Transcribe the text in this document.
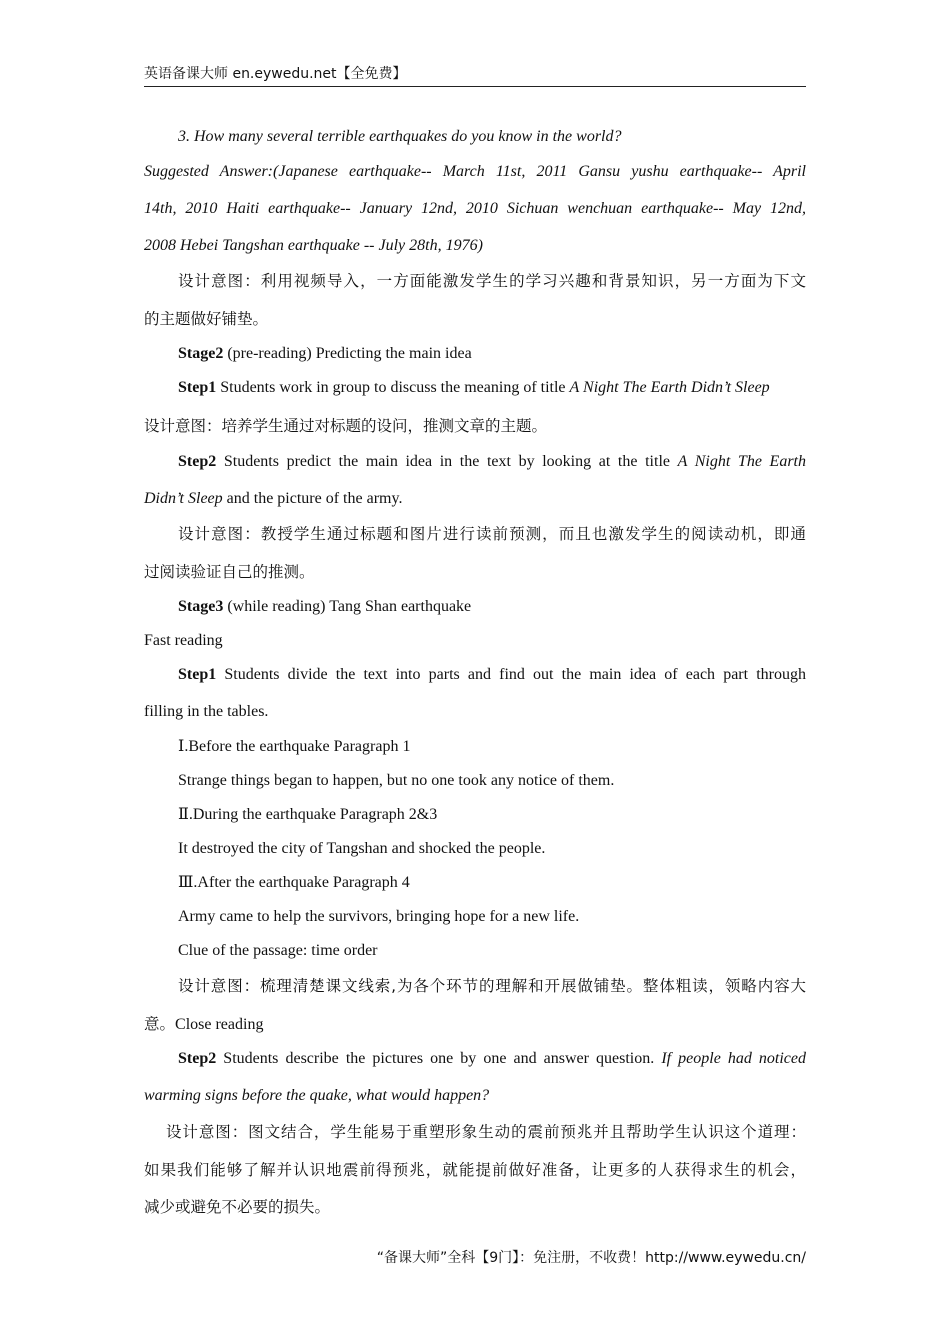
英语备课大师 en.eywedu.net【全免费】
3. How many several terrible earthquakes do you know in the world?
Suggested Answer:(Japanese earthquake-- March 11st, 2011 Gansu yushu earthquake-- April
14th, 2010 Haiti earthquake-- January 12nd, 2010 Sichuan wenchuan earthquake-- May 12nd,
2008 Hebei Tangshan earthquake -- July 28th, 1976)
设计意图：利用视频导入，一方面能激发学生的学习兴趣和背景知识，另一方面为下文
的主题做好铺垫。
Stage2 (pre-reading) Predicting the main idea
Step1 Students work in group to discuss the meaning of title A Night The Earth Didn’t Sleep
设计意图：培养学生通过对标题的设问，推测文章的主题。
Step2 Students predict the main idea in the text by looking at the title A Night The Earth
Didn’t Sleep and the picture of the army.
设计意图：教授学生通过标题和图片进行读前预测，而且也激发学生的阅读动机，即通
过阅读验证自己的推测。
Stage3 (while reading) Tang Shan earthquake
Fast reading
Step1 Students divide the text into parts and find out the main idea of each part through
filling in the tables.
Ⅰ.Before the earthquake Paragraph 1
Strange things began to happen, but no one took any notice of them.
Ⅱ.During the earthquake Paragraph 2&3
It destroyed the city of Tangshan and shocked the people.
Ⅲ.After the earthquake Paragraph 4
Army came to help the survivors, bringing hope for a new life.
Clue of the passage: time order
设计意图：梳理清楚课文线索,为各个环节的理解和开展做铺垫。整体粗读，领略内容大
意。Close reading
Step2 Students describe the pictures one by one and answer question. If people had noticed
warming signs before the quake, what would happen?
设计意图：图文结合，学生能易于重塑形象生动的震前预兆并且帮助学生认识这个道理：
如果我们能够了解并认识地震前得预兆，就能提前做好准备，让更多的人获得求生的机会，
减少或避免不必要的损失。
“备课大师”全科【9门】：免注册，不收费！http://www.eywedu.cn/
